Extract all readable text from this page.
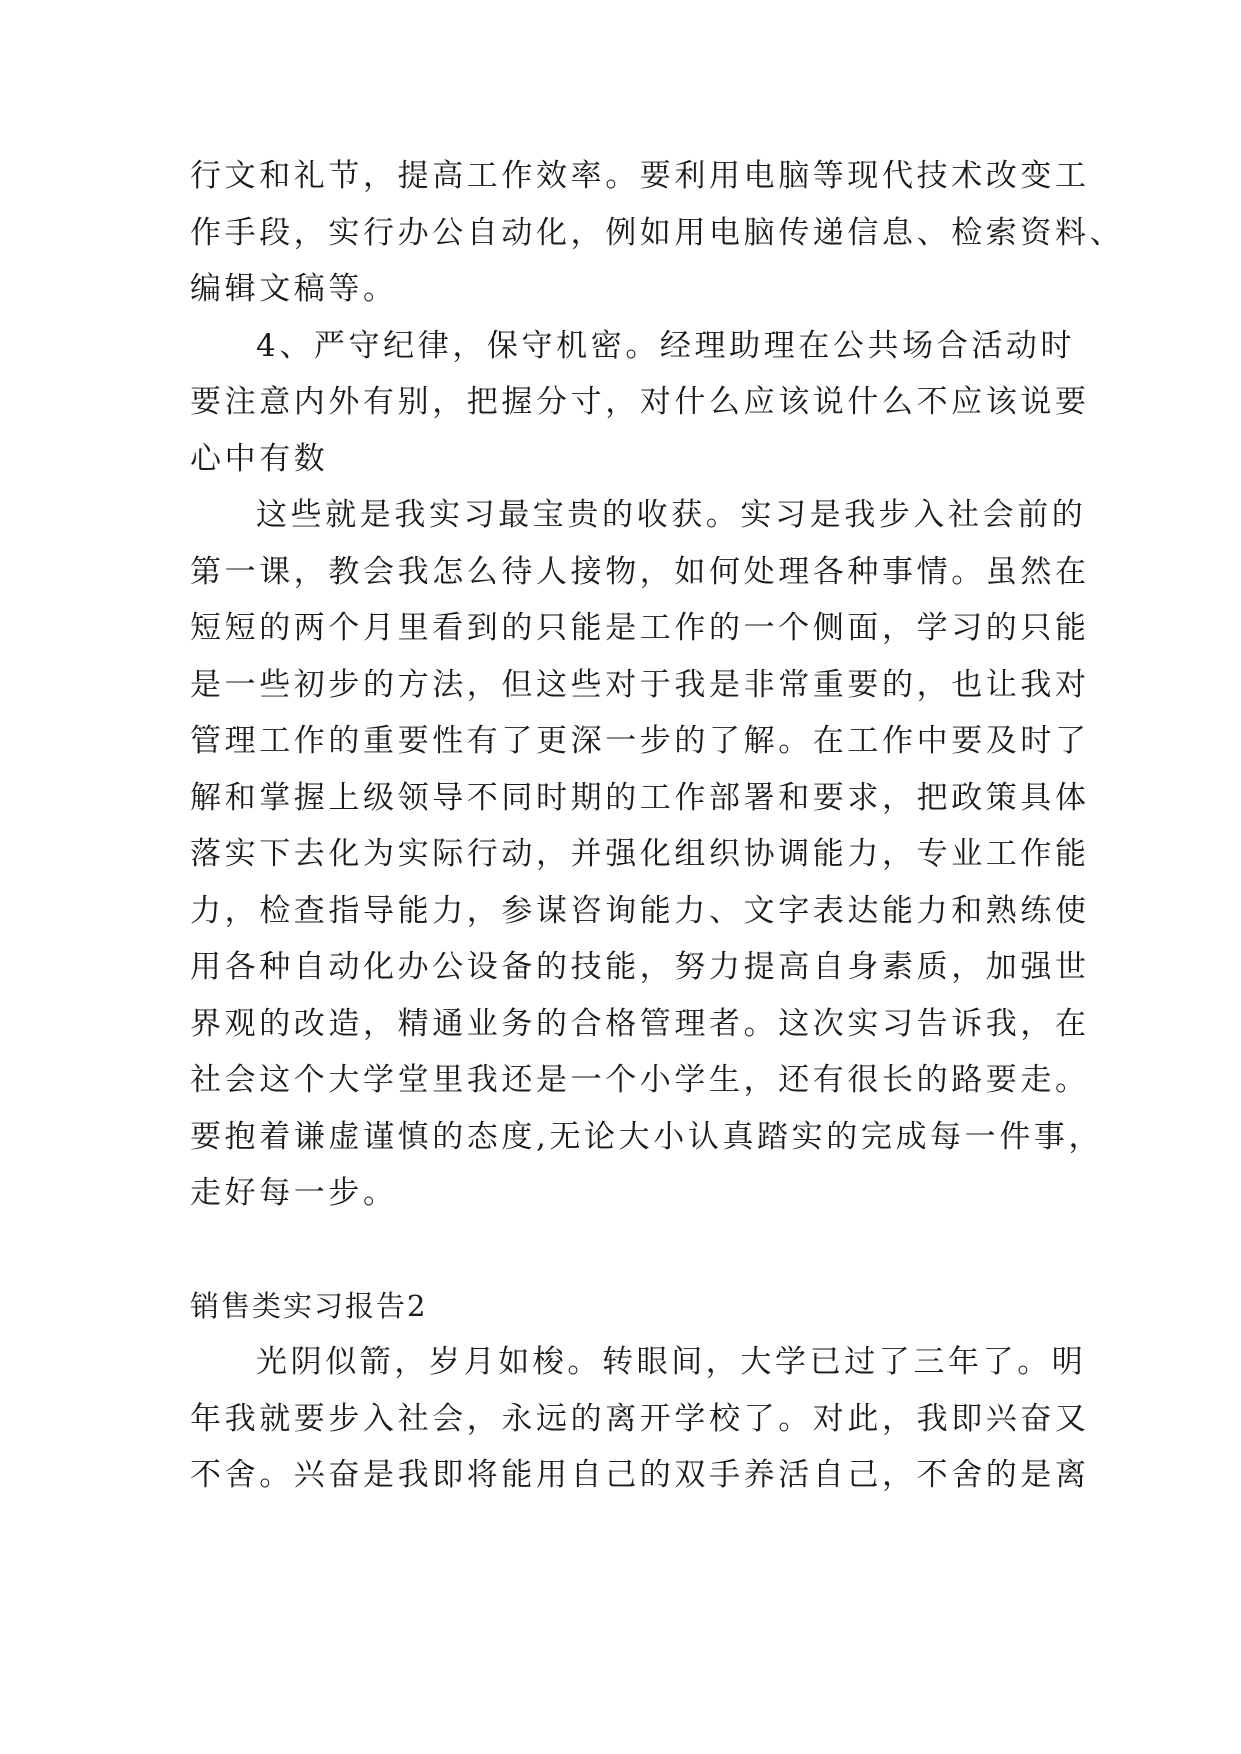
行文和礼节，提高工作效率。要利用电脑等现代技术改变工
作手段，实行办公自动化，例如用电脑传递信息、检索资料、
编辑文稿等。
4、严守纪律，保守机密。经理助理在公共场合活动时
要注意内外有别，把握分寸，对什么应该说什么不应该说要
心中有数
这些就是我实习最宝贵的收获。实习是我步入社会前的
第一课，教会我怎么待人接物，如何处理各种事情。虽然在
短短的两个月里看到的只能是工作的一个侧面，学习的只能
是一些初步的方法，但这些对于我是非常重要的，也让我对
管理工作的重要性有了更深一步的了解。在工作中要及时了
解和掌握上级领导不同时期的工作部署和要求，把政策具体
落实下去化为实际行动，并强化组织协调能力，专业工作能
力，检查指导能力，参谋咨询能力、文字表达能力和熟练使
用各种自动化办公设备的技能，努力提高自身素质，加强世
界观的改造，精通业务的合格管理者。这次实习告诉我，在
社会这个大学堂里我还是一个小学生，还有很长的路要走。
要抱着谦虚谨慎的态度,无论大小认真踏实的完成每一件事，
走好每一步。
销售类实习报告2
光阴似箭，岁月如梭。转眼间，大学已过了三年了。明
年我就要步入社会，永远的离开学校了。对此，我即兴奋又
不舍。兴奋是我即将能用自己的双手养活自己，不舍的是离
